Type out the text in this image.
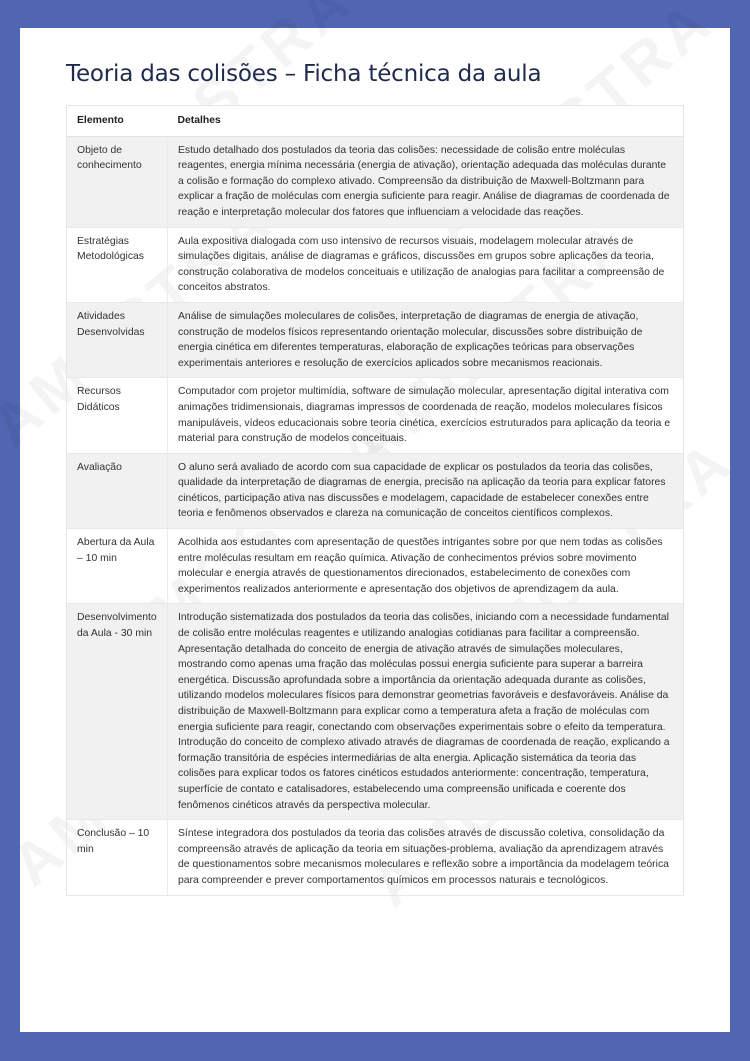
Teoria das colisões – Ficha técnica da aula
Elemento	Detalhes
Objeto de conhecimento	Estudo detalhado dos postulados da teoria das colisões: necessidade de colisão entre moléculas reagentes, energia mínima necessária (energia de ativação), orientação adequada das moléculas durante a colisão e formação do complexo ativado. Compreensão da distribuição de Maxwell-Boltzmann para explicar a fração de moléculas com energia suficiente para reagir. Análise de diagramas de coordenada de reação e interpretação molecular dos fatores que influenciam a velocidade das reações.
Estratégias Metodológicas	Aula expositiva dialogada com uso intensivo de recursos visuais, modelagem molecular através de simulações digitais, análise de diagramas e gráficos, discussões em grupos sobre aplicações da teoria, construção colaborativa de modelos conceituais e utilização de analogias para facilitar a compreensão de conceitos abstratos.
Atividades Desenvolvidas	Análise de simulações moleculares de colisões, interpretação de diagramas de energia de ativação, construção de modelos físicos representando orientação molecular, discussões sobre distribuição de energia cinética em diferentes temperaturas, elaboração de explicações teóricas para observações experimentais anteriores e resolução de exercícios aplicados sobre mecanismos reacionais.
Recursos Didáticos	Computador com projetor multimídia, software de simulação molecular, apresentação digital interativa com animações tridimensionais, diagramas impressos de coordenada de reação, modelos moleculares físicos manipuláveis, vídeos educacionais sobre teoria cinética, exercícios estruturados para aplicação da teoria e material para construção de modelos conceituais.
Avaliação	O aluno será avaliado de acordo com sua capacidade de explicar os postulados da teoria das colisões, qualidade da interpretação de diagramas de energia, precisão na aplicação da teoria para explicar fatores cinéticos, participação ativa nas discussões e modelagem, capacidade de estabelecer conexões entre teoria e fenômenos observados e clareza na comunicação de conceitos científicos complexos.
Abertura da Aula – 10 min	Acolhida aos estudantes com apresentação de questões intrigantes sobre por que nem todas as colisões entre moléculas resultam em reação química. Ativação de conhecimentos prévios sobre movimento molecular e energia através de questionamentos direcionados, estabelecimento de conexões com experimentos realizados anteriormente e apresentação dos objetivos de aprendizagem da aula.
Desenvolvimento da Aula - 30 min	Introdução sistematizada dos postulados da teoria das colisões, iniciando com a necessidade fundamental de colisão entre moléculas reagentes e utilizando analogias cotidianas para facilitar a compreensão. Apresentação detalhada do conceito de energia de ativação através de simulações moleculares, mostrando como apenas uma fração das moléculas possui energia suficiente para superar a barreira energética. Discussão aprofundada sobre a importância da orientação adequada durante as colisões, utilizando modelos moleculares físicos para demonstrar geometrias favoráveis e desfavoráveis. Análise da distribuição de Maxwell-Boltzmann para explicar como a temperatura afeta a fração de moléculas com energia suficiente para reagir, conectando com observações experimentais sobre o efeito da temperatura. Introdução do conceito de complexo ativado através de diagramas de coordenada de reação, explicando a formação transitória de espécies intermediárias de alta energia. Aplicação sistemática da teoria das colisões para explicar todos os fatores cinéticos estudados anteriormente: concentração, temperatura, superfície de contato e catalisadores, estabelecendo uma compreensão unificada e coerente dos fenômenos cinéticos através da perspectiva molecular.
Conclusão – 10 min	Síntese integradora dos postulados da teoria das colisões através de discussão coletiva, consolidação da compreensão através de aplicação da teoria em situações-problema, avaliação da aprendizagem através de questionamentos sobre mecanismos moleculares e reflexão sobre a importância da modelagem teórica para compreender e prever comportamentos químicos em processos naturais e tecnológicos.
